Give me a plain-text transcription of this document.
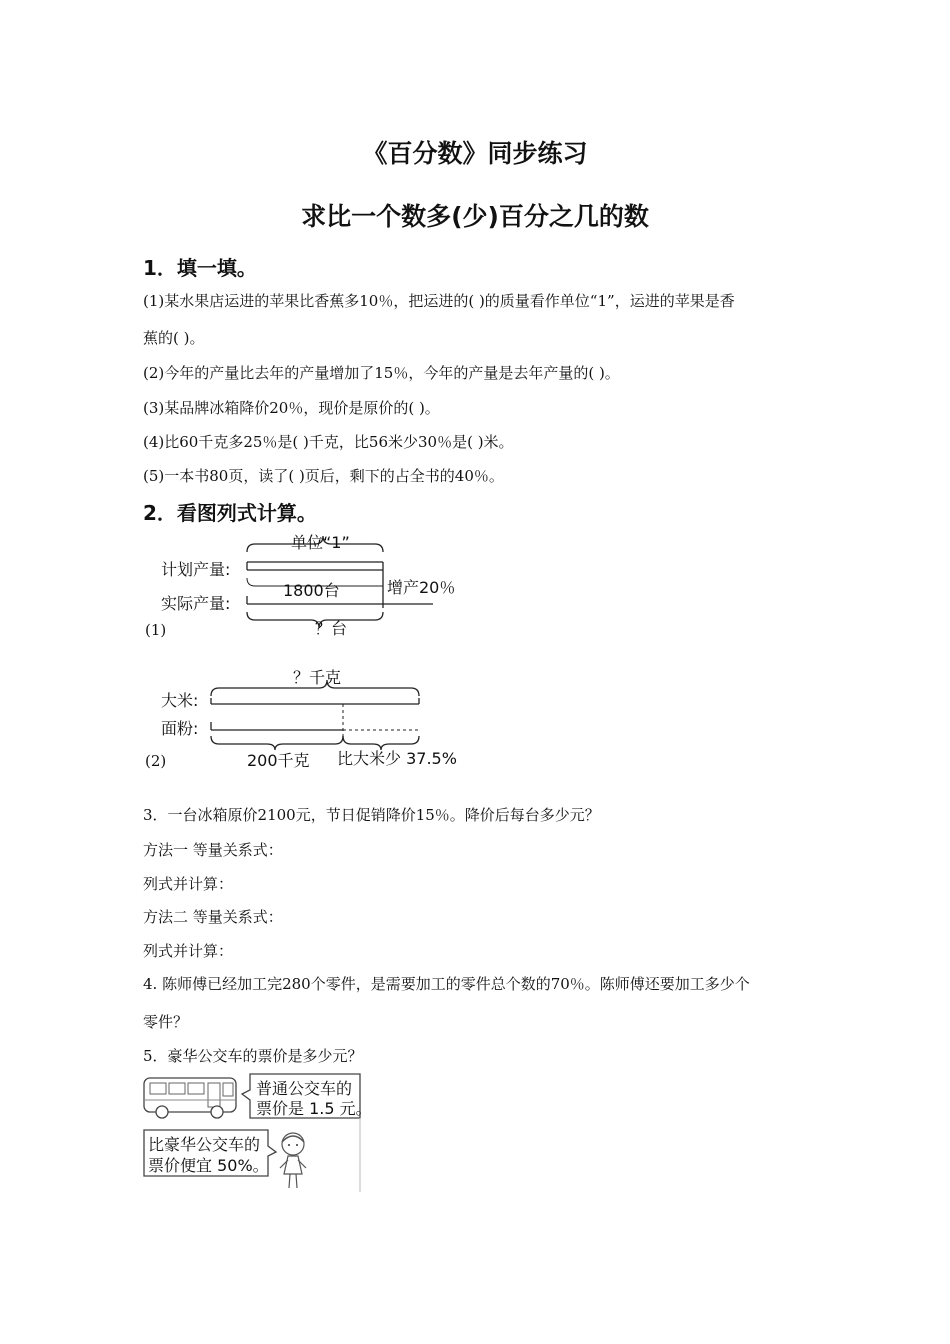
《百分数》同步练习
求比一个数多(少)百分之几的数
1．填一填。
(1)某水果店运进的苹果比香蕉多10％，把运进的( )的质量看作单位“1”，运进的苹果是香
蕉的( )。
(2)今年的产量比去年的产量增加了15％，今年的产量是去年产量的( )。
(3)某品牌冰箱降价20％，现价是原价的( )。
(4)比60千克多25％是( )千克，比56米少30％是( )米。
(5)一本书80页，读了( )页后，剩下的占全书的40％。
2．看图列式计算。
单位“1”
计划产量:
实际产量:
1800台	增产20％
？台
(1)
？千克
大米:
面粉:
200千克 比大米少 37.5%
(2)
3．一台冰箱原价2100元，节日促销降价15％。降价后每台多少元？
方法一 等量关系式：
列式并计算：
方法二 等量关系式：
列式并计算：
4. 陈师傅已经加工完280个零件，是需要加工的零件总个数的70％。陈师傅还要加工多少个
零件？
5．豪华公交车的票价是多少元？
普通公交车的
票价是 1.5 元。
比豪华公交车的
票价便宜 50%。
